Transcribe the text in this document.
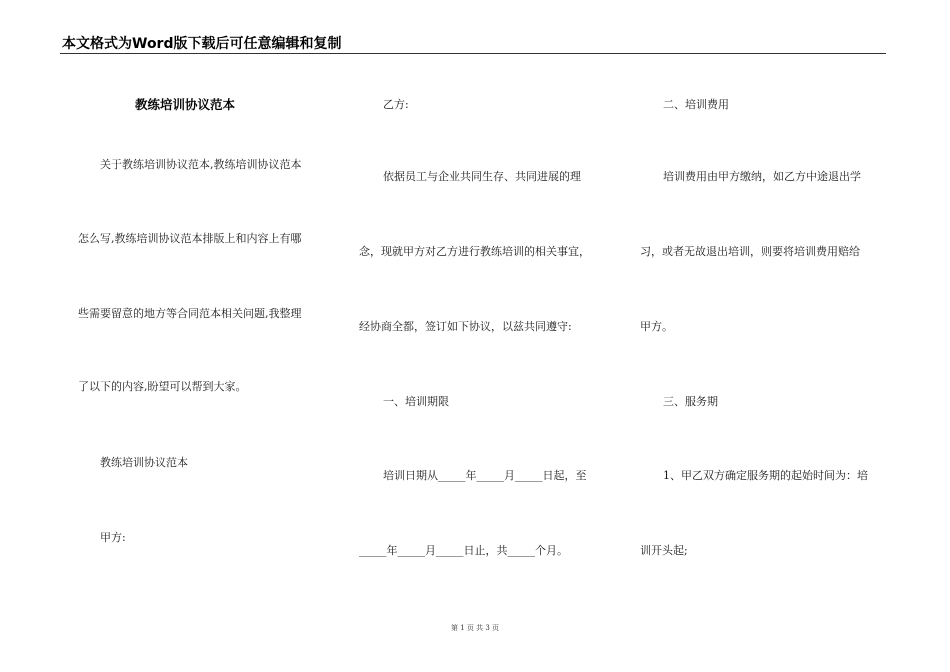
本文格式为Word版下载后可任意编辑和复制
教练培训协议范本
关于教练培训协议范本,教练培训协议范本
怎么写,教练培训协议范本排版上和内容上有哪
些需要留意的地方等合同范本相关问题,我整理
了以下的内容,盼望可以帮到大家。
教练培训协议范本
甲方:
乙方:
依据员工与企业共同生存、共同进展的理
念，现就甲方对乙方进行教练培训的相关事宜，
经协商全都，签订如下协议，以兹共同遵守:
一、培训期限
培训日期从_____年_____月_____日起，至
_____年_____月_____日止，共_____个月。
二、培训费用
培训费用由甲方缴纳，如乙方中途退出学
习，或者无故退出培训，则要将培训费用赔给
甲方。
三、服务期
1、甲乙双方确定服务期的起始时间为：培
训开头起;
第 1 页 共 3 页
